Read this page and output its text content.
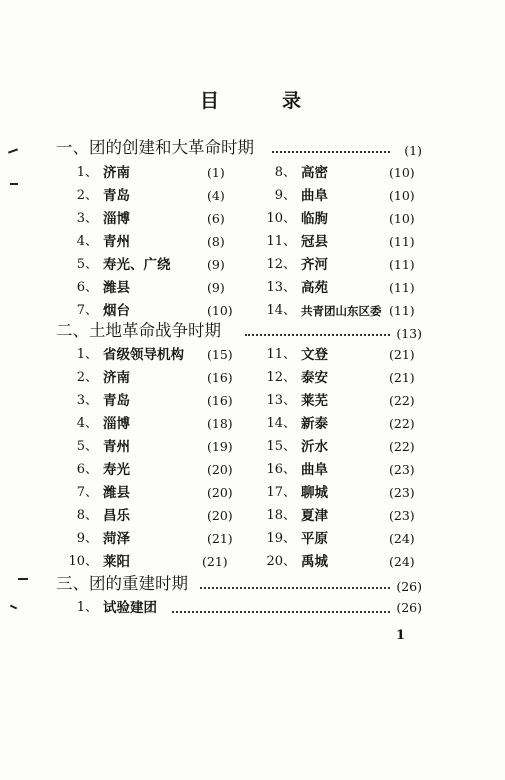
目　录
一、团的创建和大革命时期	(1)
1、 济南	(1)
2、 青岛	(4)
3、 淄博	(6)
4、 青州	(8)
5、 寿光、广绕	(9)
6、 潍县	(9)
7、 烟台	(10)
8、 高密	(10)
9、 曲阜	(10)
10、 临朐	(10)
11、 冠县	(11)
12、 齐河	(11)
13、 高苑	(11)
14、 共青团山东区委 (11)
二、土地革命战争时期	(13)
1、 省级领导机构 (15)
2、 济南	(16)
3、 青岛	(16)
4、 淄博	(18)
5、 青州	(19)
6、 寿光	(20)
7、 潍县	(20)
8、 昌乐	(20)
9、 菏泽	(21)
10、 莱阳	(21)
11、 文登	(21)
12、 泰安	(21)
13、 莱芜	(22)
14、 新泰	(22)
15、 沂水	(22)
16、 曲阜	(23)
17、 聊城	(23)
18、 夏津	(23)
19、 平原	(24)
20、 禹城	(24)
三、团的重建时期	(26)
1、 试验建团	(26)
1
